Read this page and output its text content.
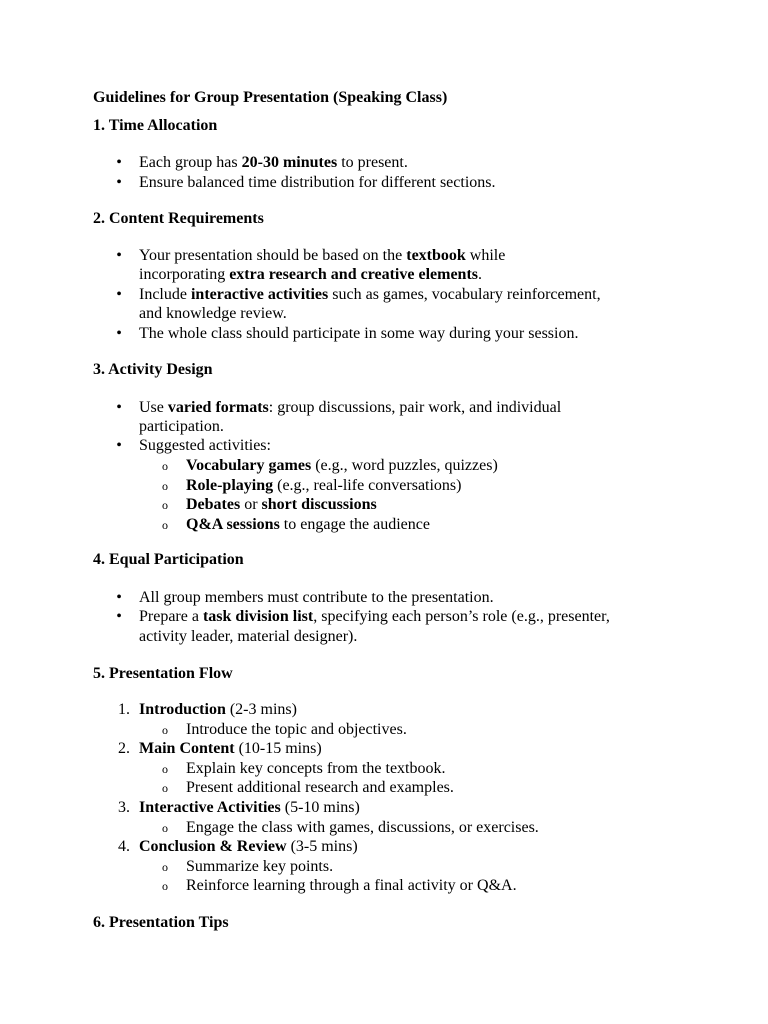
Guidelines for Group Presentation (Speaking Class)
1. Time Allocation
• Each group has 20-30 minutes to present.
• Ensure balanced time distribution for different sections.
2. Content Requirements
• Your presentation should be based on the textbook while
incorporating extra research and creative elements.
• Include interactive activities such as games, vocabulary reinforcement,
and knowledge review.
• The whole class should participate in some way during your session.
3. Activity Design
• Use varied formats: group discussions, pair work, and individual
participation.
• Suggested activities:
o Vocabulary games (e.g., word puzzles, quizzes)
o Role-playing (e.g., real-life conversations)
o Debates or short discussions
o Q&A sessions to engage the audience
4. Equal Participation
• All group members must contribute to the presentation.
• Prepare a task division list, specifying each person’s role (e.g., presenter,
activity leader, material designer).
5. Presentation Flow
1. Introduction (2-3 mins)
o Introduce the topic and objectives.
2. Main Content (10-15 mins)
o Explain key concepts from the textbook.
o Present additional research and examples.
3. Interactive Activities (5-10 mins)
o Engage the class with games, discussions, or exercises.
4. Conclusion & Review (3-5 mins)
o Summarize key points.
o Reinforce learning through a final activity or Q&A.
6. Presentation Tips
